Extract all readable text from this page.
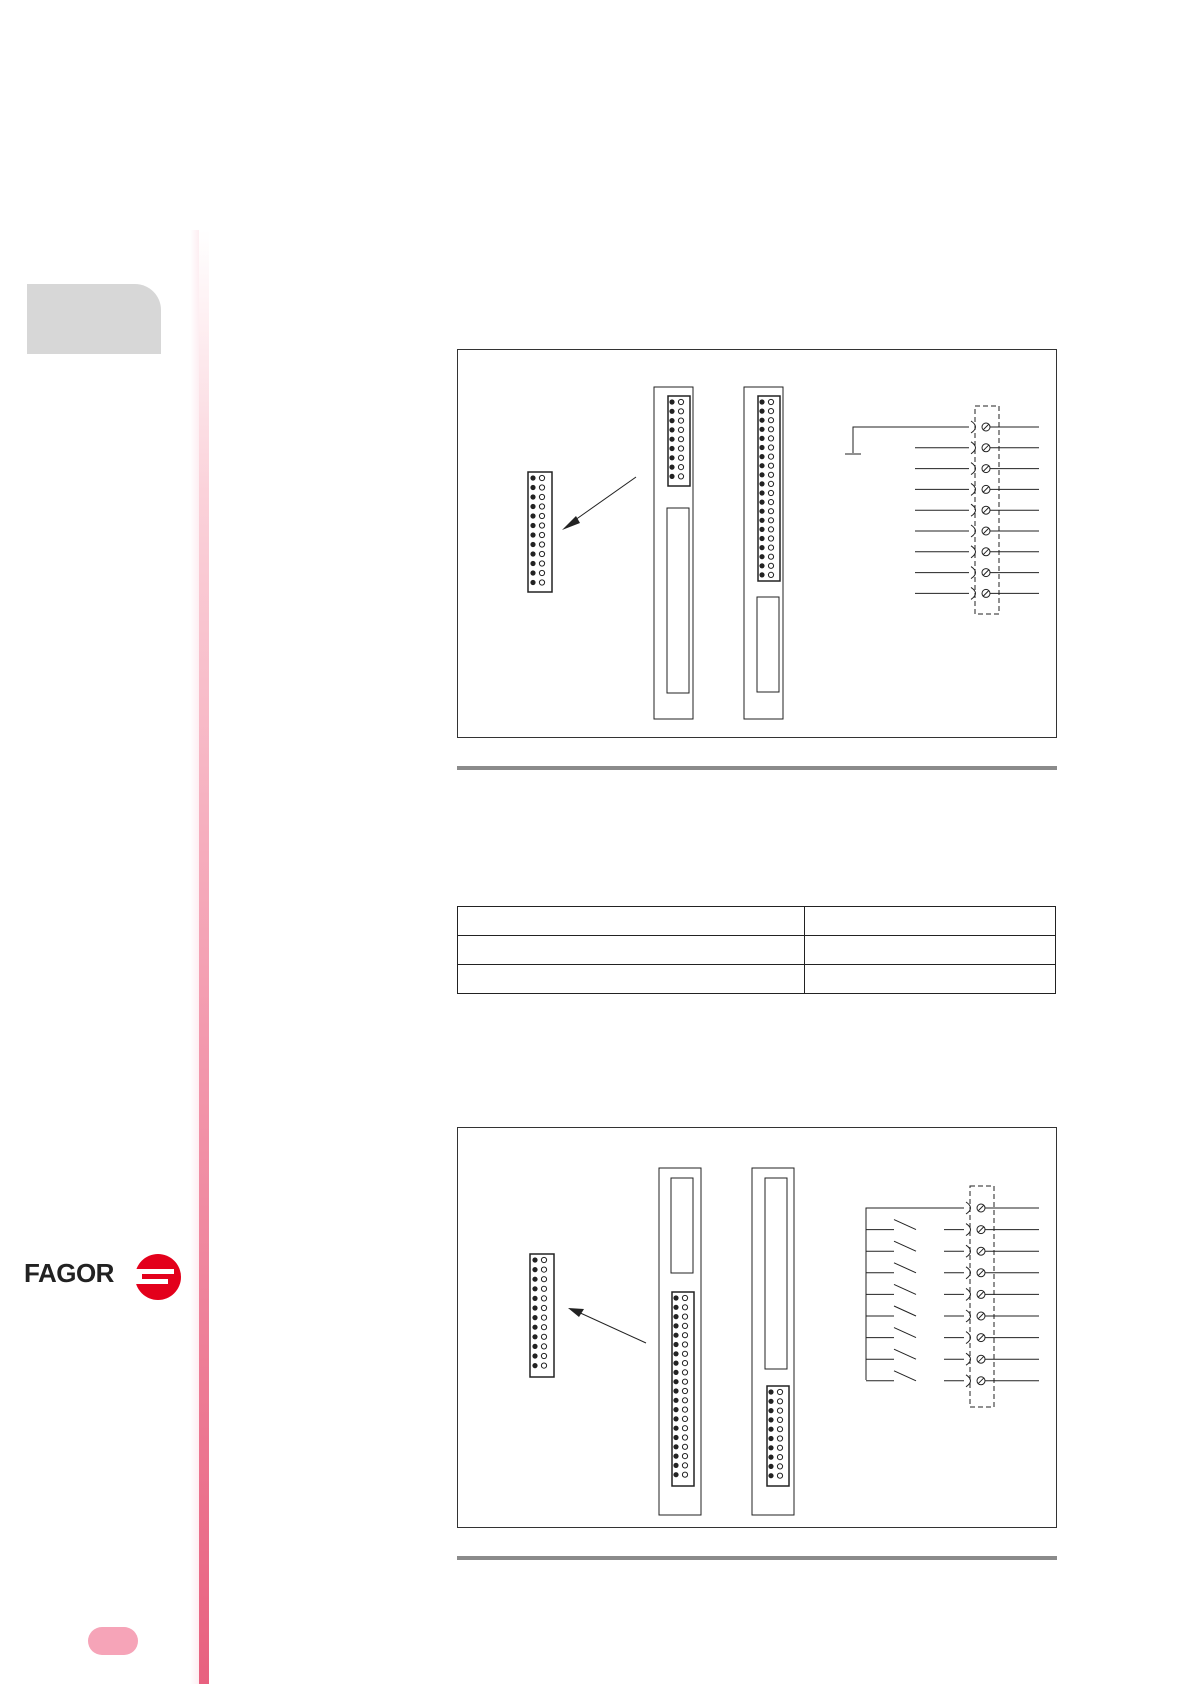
FAGOR
